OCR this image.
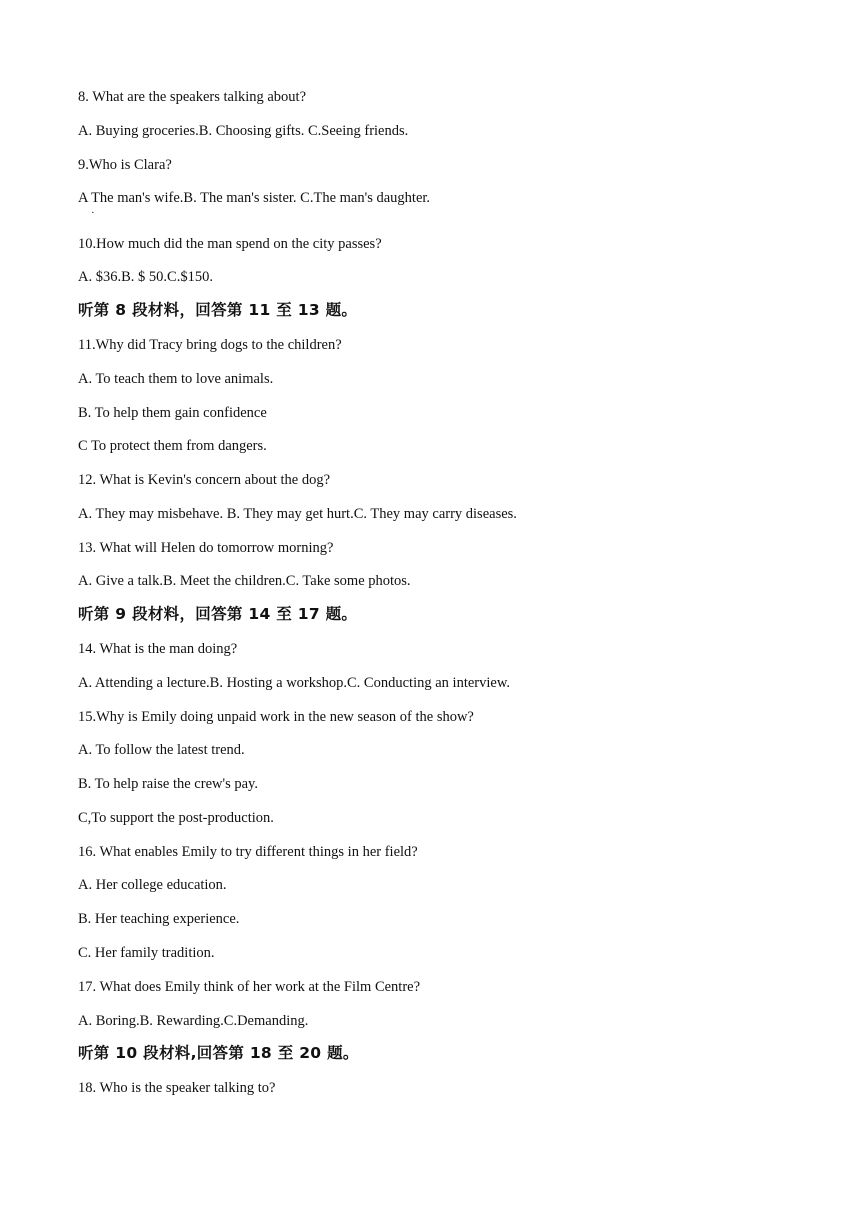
8. What are the speakers talking about?
A. Buying groceries.B. Choosing gifts. C.Seeing friends.
9.Who is Clara?
A The man's wife.B. The man's sister. C.The man's daughter.
·
10.How much did the man spend on the city passes?
A. $36.B. $ 50.C.$150.
听第 8 段材料，回答第 11 至 13 题。
11.Why did Tracy bring dogs to the children?
A. To teach them to love animals.
B. To help them gain confidence
C To protect them from dangers.
12. What is Kevin's concern about the dog?
A. They may misbehave. B. They may get hurt.C. They may carry diseases.
13. What will Helen do tomorrow morning?
A. Give a talk.B. Meet the children.C. Take some photos.
听第 9 段材料，回答第 14 至 17 题。
14. What is the man doing?
A. Attending a lecture.B. Hosting a workshop.C. Conducting an interview.
15.Why is Emily doing unpaid work in the new season of the show?
A. To follow the latest trend.
B. To help raise the crew's pay.
C,To support the post-production.
16. What enables Emily to try different things in her field?
A. Her college education.
B. Her teaching experience.
C. Her family tradition.
17. What does Emily think of her work at the Film Centre?
A. Boring.B. Rewarding.C.Demanding.
听第 10 段材料,回答第 18 至 20 题。
18. Who is the speaker talking to?
